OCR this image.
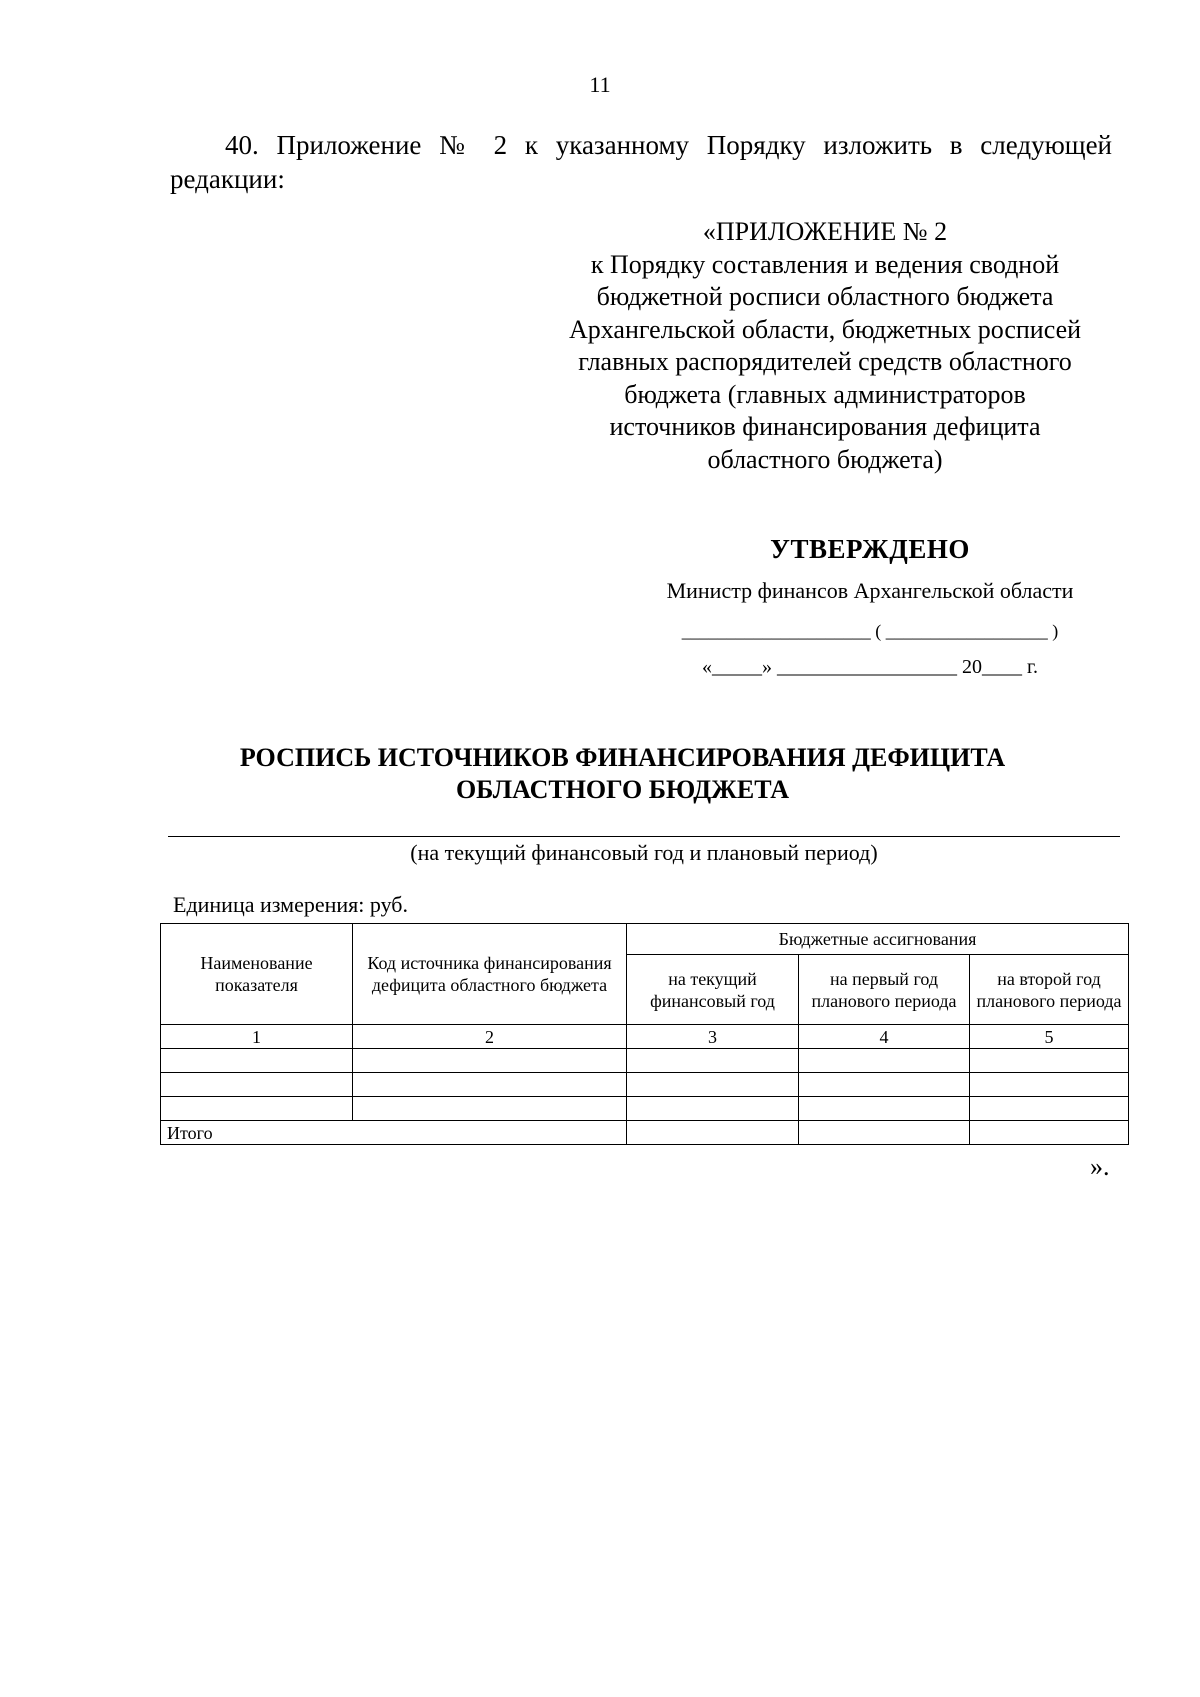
11
40. Приложение № 2 к указанному Порядку изложить в следующей редакции:
«ПРИЛОЖЕНИЕ № 2
к Порядку составления и ведения сводной
бюджетной росписи областного бюджета
Архангельской области, бюджетных росписей
главных распорядителей средств областного
бюджета (главных администраторов
источников финансирования дефицита
областного бюджета)
УТВЕРЖДЕНО
Министр финансов Архангельской области
_____________________ ( __________________ )
«_____» __________________ 20____ г.
РОСПИСЬ ИСТОЧНИКОВ ФИНАНСИРОВАНИЯ ДЕФИЦИТА
ОБЛАСТНОГО БЮДЖЕТА
(на текущий финансовый год и плановый период)
Единица измерения: руб.
Наименование показателя	Код источника финансирования дефицита областного бюджета	Бюджетные ассигнования		
		на текущий финансовый год	на первый год планового периода	на второй год планового периода
1	2	3	4	5

Итого				
».
